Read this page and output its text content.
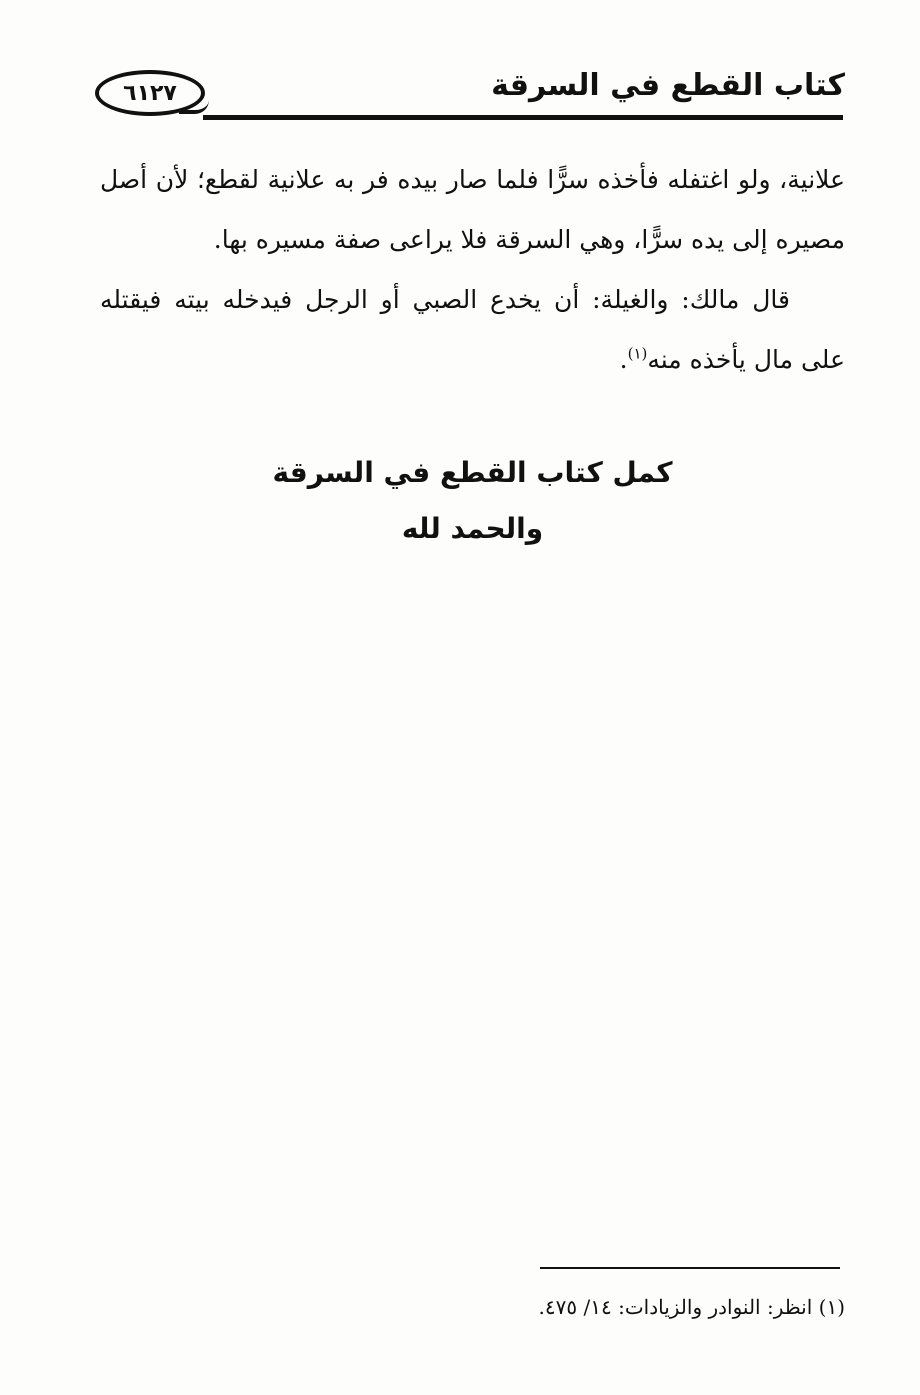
٦١٢٧	كتاب القطع في السرقة

علانية، ولو اغتفله فأخذه سرًّا فلما صار بيده فر به علانية لقطع؛ لأن أصل مصيره إلى يده سرًّا، وهي السرقة فلا يراعى صفة مسيره بها.

قال مالك: والغيلة: أن يخدع الصبي أو الرجل فيدخله بيته فيقتله على مال يأخذه منه$^{(١)}$.

كمل كتاب القطع في السرقة
والحمد لله
(١) انظر: النوادر والزيادات: ١٤/ ٤٧٥.
